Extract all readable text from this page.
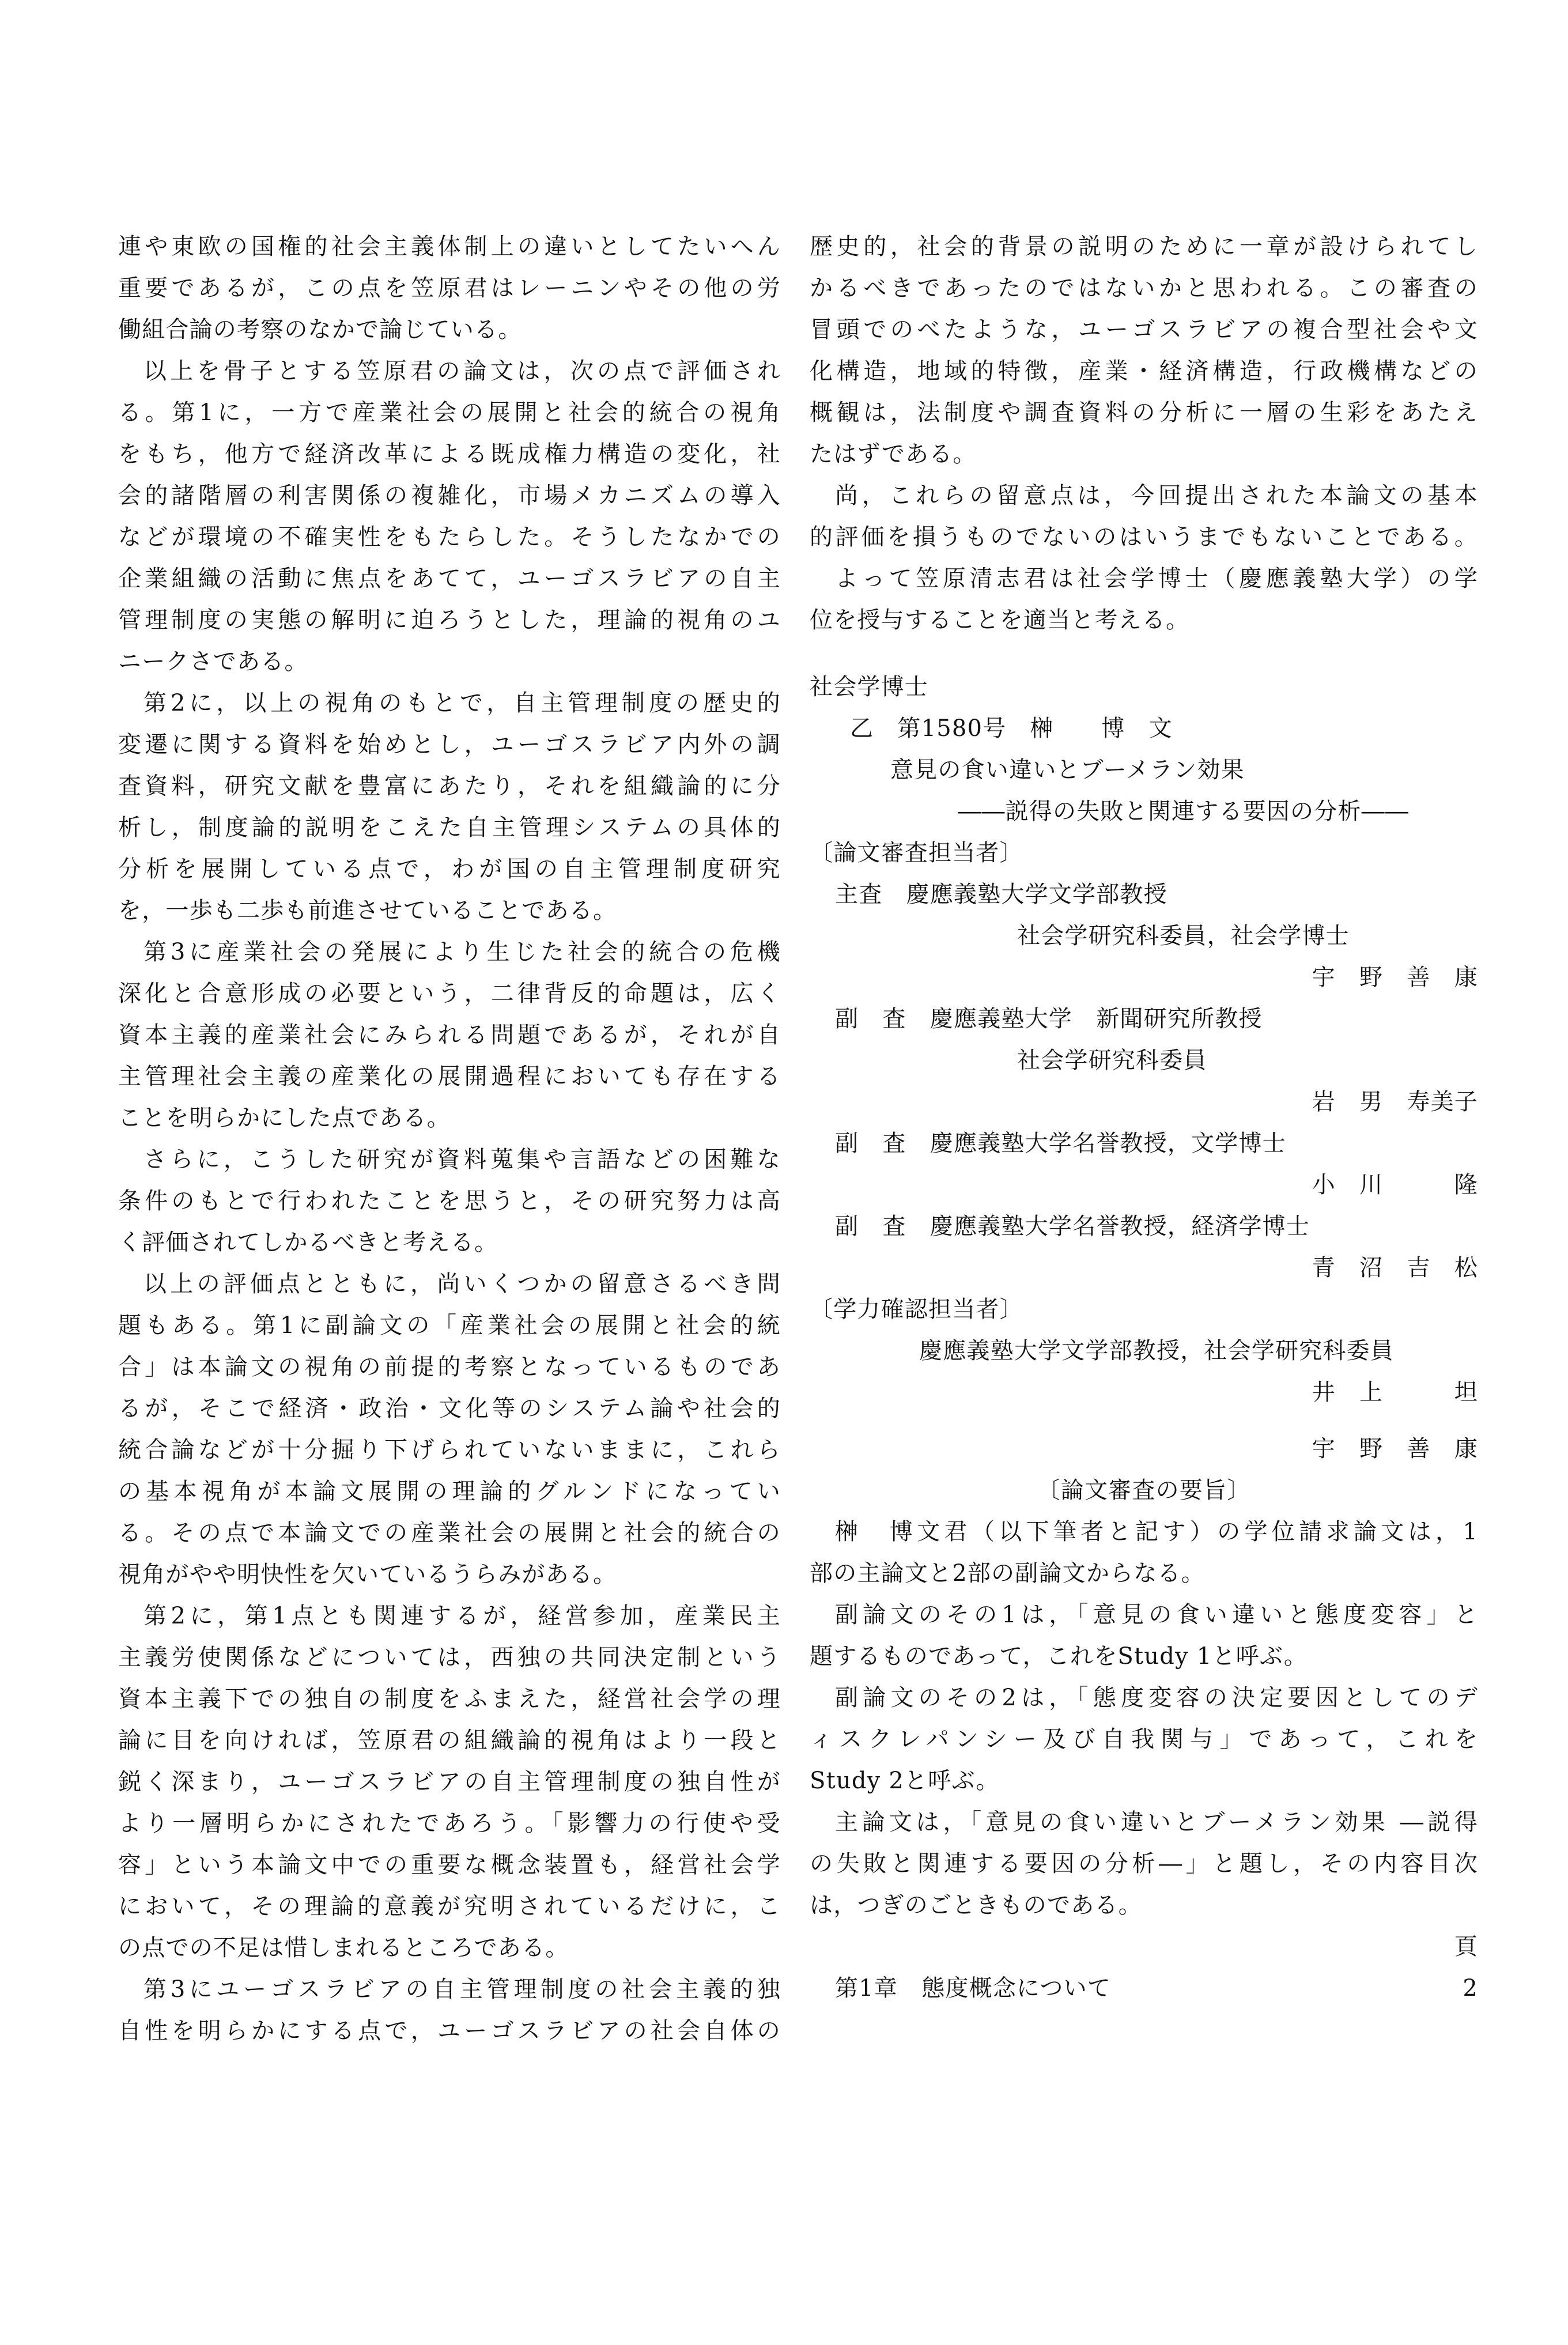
連や東欧の国権的社会主義体制上の違いとしてたいへん
重要であるが，この点を笠原君はレーニンやその他の労
働組合論の考察のなかで論じている。
以上を骨子とする笠原君の論文は，次の点で評価され
る。第1に，一方で産業社会の展開と社会的統合の視角
をもち，他方で経済改革による既成権力構造の変化，社
会的諸階層の利害関係の複雑化，市場メカニズムの導入
などが環境の不確実性をもたらした。そうしたなかでの
企業組織の活動に焦点をあてて，ユーゴスラビアの自主
管理制度の実態の解明に迫ろうとした，理論的視角のユ
ニークさである。
第2に，以上の視角のもとで，自主管理制度の歴史的
変遷に関する資料を始めとし，ユーゴスラビア内外の調
査資料，研究文献を豊富にあたり，それを組織論的に分
析し，制度論的説明をこえた自主管理システムの具体的
分析を展開している点で，わが国の自主管理制度研究
を，一歩も二歩も前進させていることである。
第3に産業社会の発展により生じた社会的統合の危機
深化と合意形成の必要という，二律背反的命題は，広く
資本主義的産業社会にみられる問題であるが，それが自
主管理社会主義の産業化の展開過程においても存在する
ことを明らかにした点である。
さらに，こうした研究が資料蒐集や言語などの困難な
条件のもとで行われたことを思うと，その研究努力は高
く評価されてしかるべきと考える。
以上の評価点とともに，尚いくつかの留意さるべき問
題もある。第1に副論文の「産業社会の展開と社会的統
合」は本論文の視角の前提的考察となっているものであ
るが，そこで経済・政治・文化等のシステム論や社会的
統合論などが十分掘り下げられていないままに，これら
の基本視角が本論文展開の理論的グルンドになってい
る。その点で本論文での産業社会の展開と社会的統合の
視角がやや明快性を欠いているうらみがある。
第2に，第1点とも関連するが，経営参加，産業民主
主義労使関係などについては，西独の共同決定制という
資本主義下での独自の制度をふまえた，経営社会学の理
論に目を向ければ，笠原君の組織論的視角はより一段と
鋭く深まり，ユーゴスラビアの自主管理制度の独自性が
より一層明らかにされたであろう。「影響力の行使や受
容」という本論文中での重要な概念装置も，経営社会学
において，その理論的意義が究明されているだけに，こ
の点での不足は惜しまれるところである。
第3にユーゴスラビアの自主管理制度の社会主義的独
自性を明らかにする点で，ユーゴスラビアの社会自体の
歴史的，社会的背景の説明のために一章が設けられてし
かるべきであったのではないかと思われる。この審査の
冒頭でのべたような，ユーゴスラビアの複合型社会や文
化構造，地域的特徴，産業・経済構造，行政機構などの
概観は，法制度や調査資料の分析に一層の生彩をあたえ
たはずである。
尚，これらの留意点は，今回提出された本論文の基本
的評価を損うものでないのはいうまでもないことである。
よって笠原清志君は社会学博士（慶應義塾大学）の学
位を授与することを適当と考える。
社会学博士
乙　第1580号　榊　　博　文
意見の食い違いとブーメラン効果
――説得の失敗と関連する要因の分析――
〔論文審査担当者〕
主査　慶應義塾大学文学部教授
社会学研究科委員，社会学博士
宇　野　善　康
副　査　慶應義塾大学　新聞研究所教授
社会学研究科委員
岩　男　寿美子
副　査　慶應義塾大学名誉教授，文学博士
小　川　　　隆
副　査　慶應義塾大学名誉教授，経済学博士
青　沼　吉　松
〔学力確認担当者〕
慶應義塾大学文学部教授，社会学研究科委員
井　上　　　坦
宇　野　善　康
〔論文審査の要旨〕
榊　博文君（以下筆者と記す）の学位請求論文は，1
部の主論文と2部の副論文からなる。
副論文のその1は，「意見の食い違いと態度変容」と
題するものであって，これをStudy 1と呼ぶ。
副論文のその2は，「態度変容の決定要因としてのデ
ィスクレパンシー及び自我関与」であって，これを
Study 2と呼ぶ。
主論文は，「意見の食い違いとブーメラン効果 ―説得
の失敗と関連する要因の分析―」と題し，その内容目次
は，つぎのごときものである。
頁
第1章　態度概念について	2
